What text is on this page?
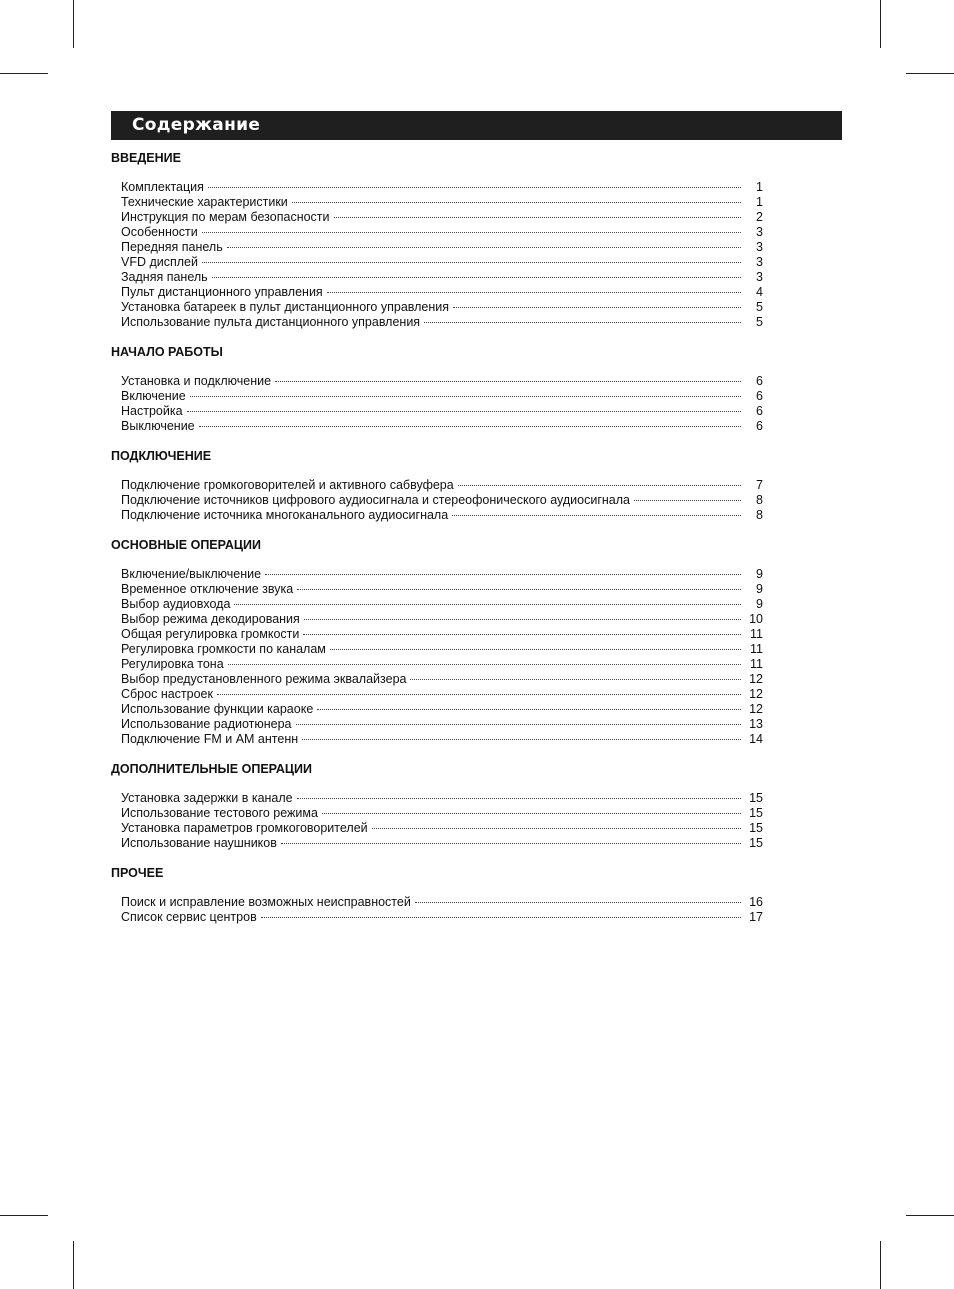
Содержание
ВВЕДЕНИЕ
Комплектация	1
Технические характеристики	1
Инструкция по мерам безопасности	2
Особенности	3
Передняя панель	3
VFD дисплей	3
Задняя панель	3
Пульт дистанционного управления	4
Установка батареек в пульт дистанционного управления	5
Использование пульта дистанционного управления	5
НАЧАЛО РАБОТЫ
Установка и подключение	6
Включение	6
Настройка	6
Выключение	6
ПОДКЛЮЧЕНИЕ
Подключение громкоговорителей и активного сабвуфера	7
Подключение источников цифрового аудиосигнала и стереофонического аудиосигнала	8
Подключение источника многоканального аудиосигнала	8
ОСНОВНЫЕ ОПЕРАЦИИ
Включение/выключение	9
Временное отключение звука	9
Выбор аудиовхода	9
Выбор режима декодирования	10
Общая регулировка громкости	11
Регулировка громкости по каналам	11
Регулировка тона	11
Выбор предустановленного режима эквалайзера	12
Сброс настроек	12
Использование функции караоке	12
Использование радиотюнера	13
Подключение FM и AM антенн	14
ДОПОЛНИТЕЛЬНЫЕ ОПЕРАЦИИ
Установка задержки в канале	15
Использование тестового режима	15
Установка параметров громкоговорителей	15
Использование наушников	15
ПРОЧЕЕ
Поиск и исправление возможных неисправностей	16
Список сервис центров	17
